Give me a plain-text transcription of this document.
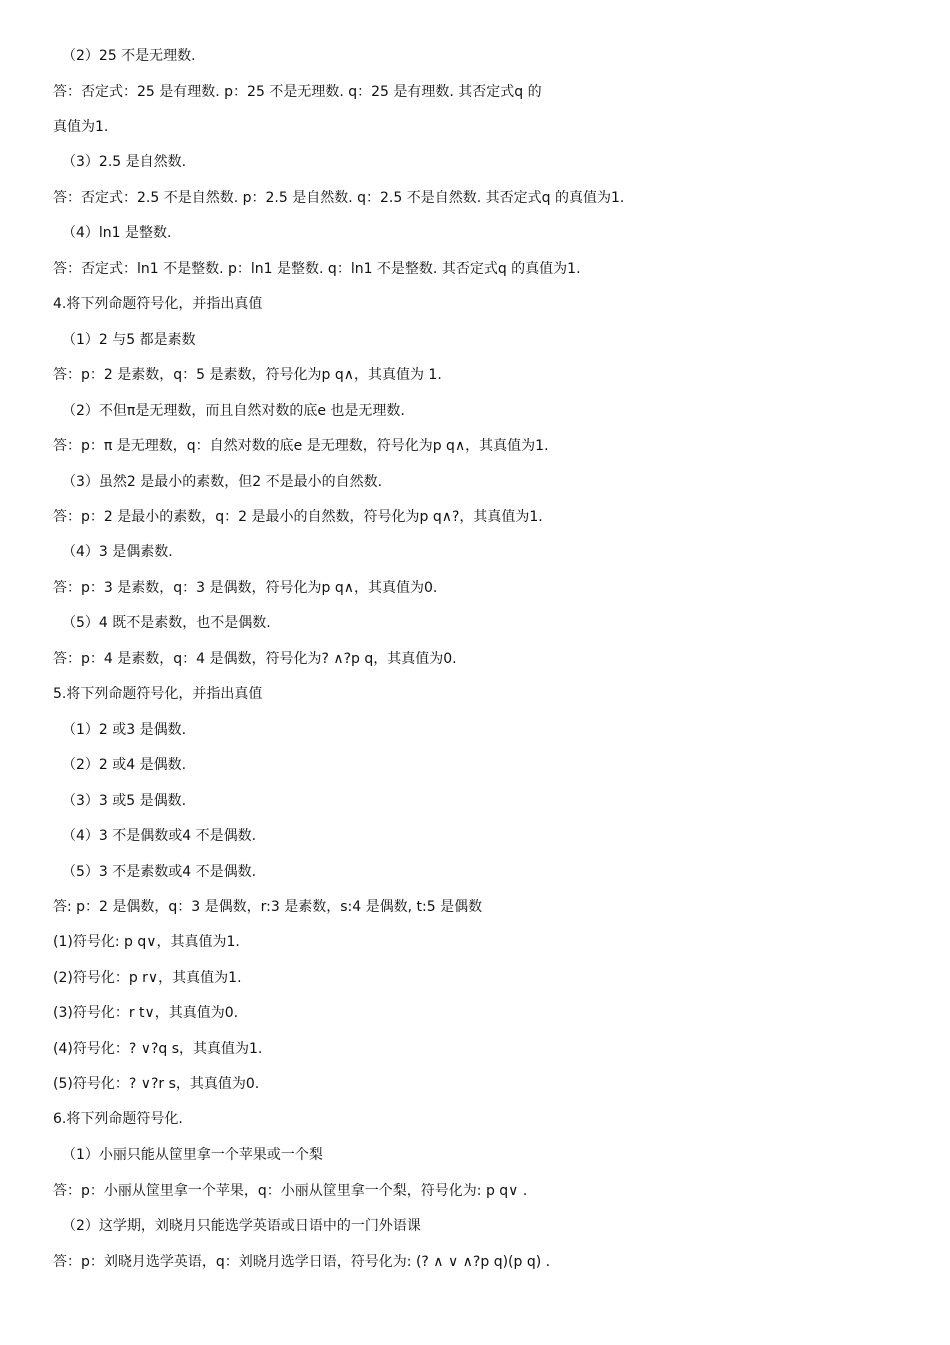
（2）25 不是无理数.
答：否定式：25 是有理数. p：25 不是无理数. q：25 是有理数. 其否定式q 的
真值为1.
（3）2.5 是自然数.
答：否定式：2.5 不是自然数. p：2.5 是自然数. q：2.5 不是自然数. 其否定式q 的真值为1.
（4）ln1 是整数.
答：否定式：ln1 不是整数. p：ln1 是整数. q：ln1 不是整数. 其否定式q 的真值为1.
4.将下列命题符号化，并指出真值
（1）2 与5 都是素数
答：p：2 是素数，q：5 是素数，符号化为p q∧，其真值为 1.
（2）不但π是无理数，而且自然对数的底e 也是无理数.
答：p：π 是无理数，q：自然对数的底e 是无理数，符号化为p q∧，其真值为1.
（3）虽然2 是最小的素数，但2 不是最小的自然数.
答：p：2 是最小的素数，q：2 是最小的自然数，符号化为p q∧?，其真值为1.
（4）3 是偶素数.
答：p：3 是素数，q：3 是偶数，符号化为p q∧，其真值为0.
（5）4 既不是素数，也不是偶数.
答：p：4 是素数，q：4 是偶数，符号化为? ∧?p q，其真值为0.
5.将下列命题符号化，并指出真值
（1）2 或3 是偶数.
（2）2 或4 是偶数.
（3）3 或5 是偶数.
（4）3 不是偶数或4 不是偶数.
（5）3 不是素数或4 不是偶数.
答: p：2 是偶数，q：3 是偶数，r:3 是素数，s:4 是偶数, t:5 是偶数
(1)符号化: p q∨，其真值为1.
(2)符号化：p r∨，其真值为1.
(3)符号化：r t∨，其真值为0.
(4)符号化：? ∨?q s，其真值为1.
(5)符号化：? ∨?r s，其真值为0.
6.将下列命题符号化.
（1）小丽只能从筐里拿一个苹果或一个梨
答：p：小丽从筐里拿一个苹果，q：小丽从筐里拿一个梨，符号化为: p q∨ .
（2）这学期，刘晓月只能选学英语或日语中的一门外语课
答：p：刘晓月选学英语，q：刘晓月选学日语，符号化为: (? ∧ ∨ ∧?p q)(p q) .
